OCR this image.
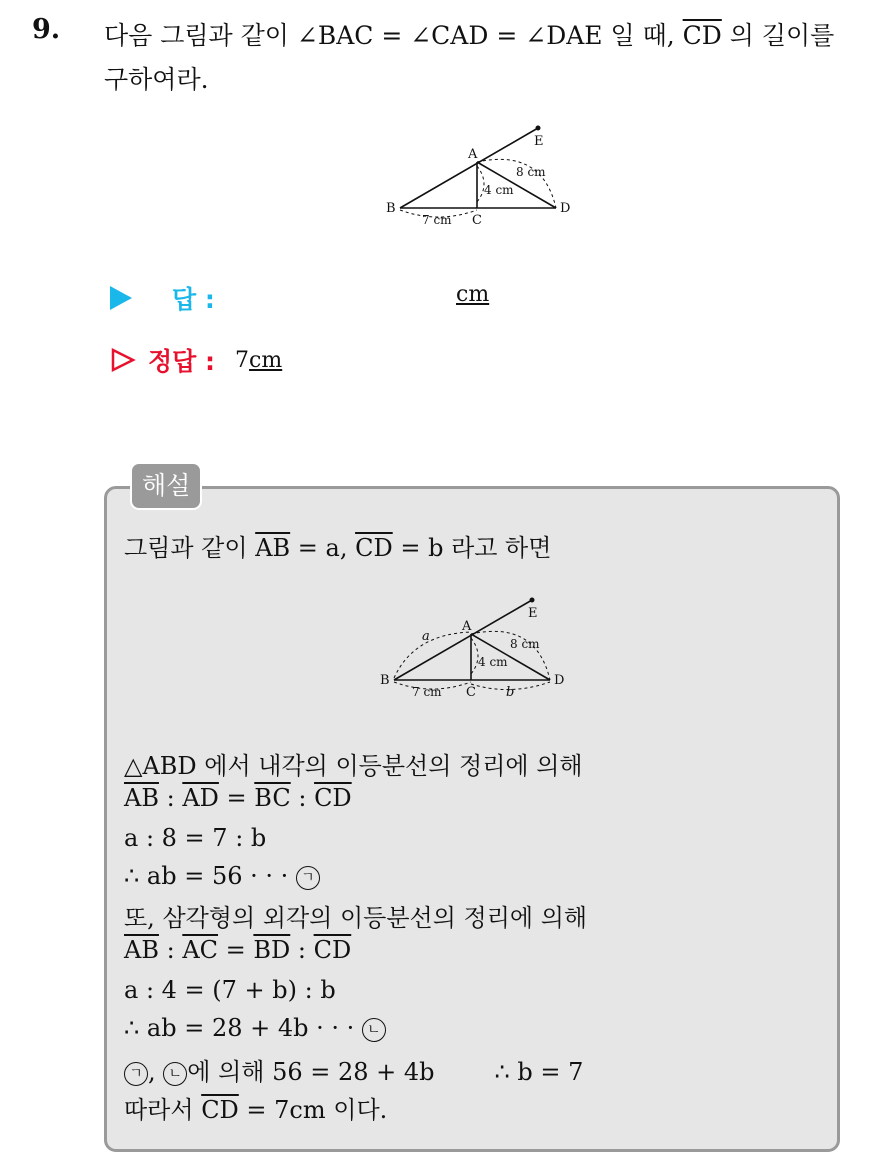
9. 다음 그림과 같이 ∠BAC = ∠CAD = ∠DAE 일 때, $\overline{CD}$ 의 길이를
구하여라.
A
B
C
D
E
8 cm
4 cm
7 cm
답 :	cm
정답 : 7cm
해설
그림과 같이 $\overline{AB} = a$, $\overline{CD} = b$ 라고 하면
A
B
C
D
E
8 cm
4 cm
7 cm
a
b
△ABD 에서 내각의 이등분선의 정리에 의해
$\overline{AB}$ : $\overline{AD} = \overline{BC}$ : $\overline{CD}$
a : 8 = 7 : b
∴ ab = 56 · · · ㄱ
또, 삼각형의 외각의 이등분선의 정리에 의해
$\overline{AB}$ : $\overline{AC} = \overline{BD}$ : $\overline{CD}$
a : 4 = (7 + b) : b
∴ ab = 28 + 4b · · · ㄴ
ㄱ , ㄴ 에 의해 56 = 28 + 4b	∴ b = 7
따라서 $\overline{CD} = 7cm$ 이다.
